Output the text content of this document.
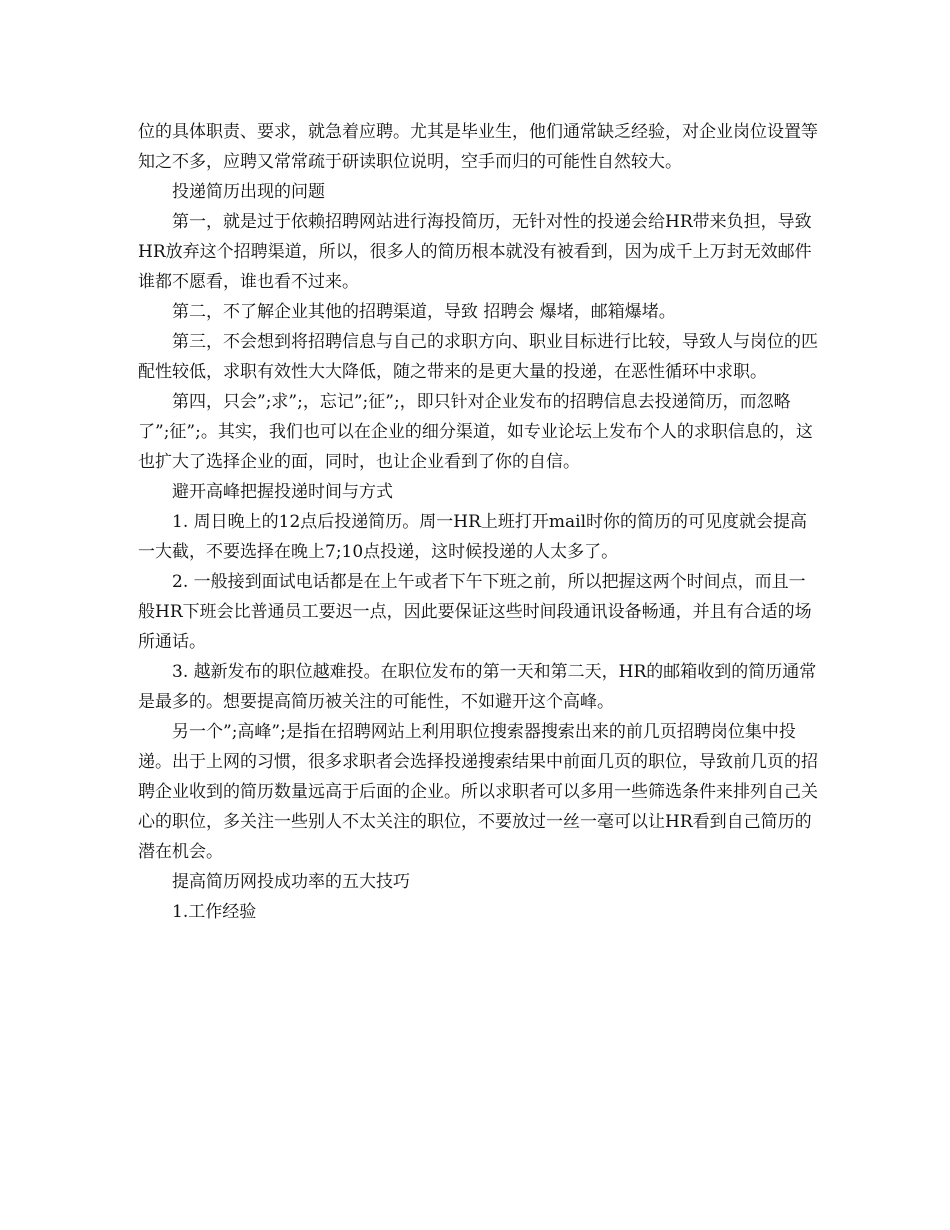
位的具体职责、要求，就急着应聘。尤其是毕业生，他们通常缺乏经验，对企业岗位设置等知之不多，应聘又常常疏于研读职位说明，空手而归的可能性自然较大。

投递简历出现的问题

第一，就是过于依赖招聘网站进行海投简历，无针对性的投递会给HR带来负担，导致HR放弃这个招聘渠道，所以，很多人的简历根本就没有被看到，因为成千上万封无效邮件谁都不愿看，谁也看不过来。

第二，不了解企业其他的招聘渠道，导致 招聘会 爆堵，邮箱爆堵。

第三，不会想到将招聘信息与自己的求职方向、职业目标进行比较，导致人与岗位的匹配性较低，求职有效性大大降低，随之带来的是更大量的投递，在恶性循环中求职。

第四，只会”;求”;，忘记”;征”;，即只针对企业发布的招聘信息去投递简历，而忽略了”;征”;。其实，我们也可以在企业的细分渠道，如专业论坛上发布个人的求职信息的，这也扩大了选择企业的面，同时，也让企业看到了你的自信。

避开高峰把握投递时间与方式

1. 周日晚上的12点后投递简历。周一HR上班打开mail时你的简历的可见度就会提高一大截，不要选择在晚上7;10点投递，这时候投递的人太多了。

2. 一般接到面试电话都是在上午或者下午下班之前，所以把握这两个时间点，而且一般HR下班会比普通员工要迟一点，因此要保证这些时间段通讯设备畅通，并且有合适的场所通话。

3. 越新发布的职位越难投。在职位发布的第一天和第二天，HR的邮箱收到的简历通常是最多的。想要提高简历被关注的可能性，不如避开这个高峰。

另一个”;高峰”;是指在招聘网站上利用职位搜索器搜索出来的前几页招聘岗位集中投递。出于上网的习惯，很多求职者会选择投递搜索结果中前面几页的职位，导致前几页的招聘企业收到的简历数量远高于后面的企业。所以求职者可以多用一些筛选条件来排列自己关心的职位，多关注一些别人不太关注的职位，不要放过一丝一毫可以让HR看到自己简历的潜在机会。

提高简历网投成功率的五大技巧

1.工作经验
